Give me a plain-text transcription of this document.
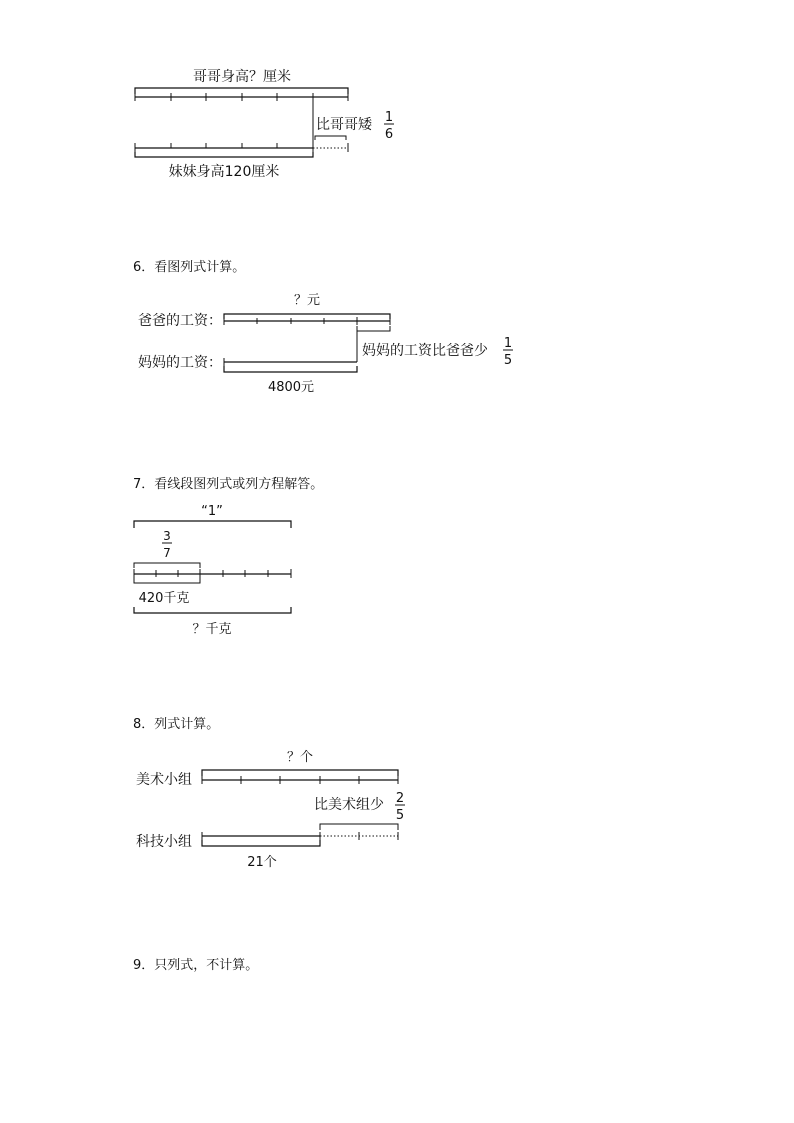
6．看图列式计算。
7．看线段图列式或列方程解答。
8．列式计算。
9．只列式，不计算。
哥哥身高？厘米
比哥哥矮 1
6
妹妹身高120厘米
？元
爸爸的工资：
妈妈的工资：
妈妈的工资比爸爸少 1
5
4800元
“1”
3
7
420千克
？千克
？个
美术小组
比美术组少 2
5
科技小组
21个
